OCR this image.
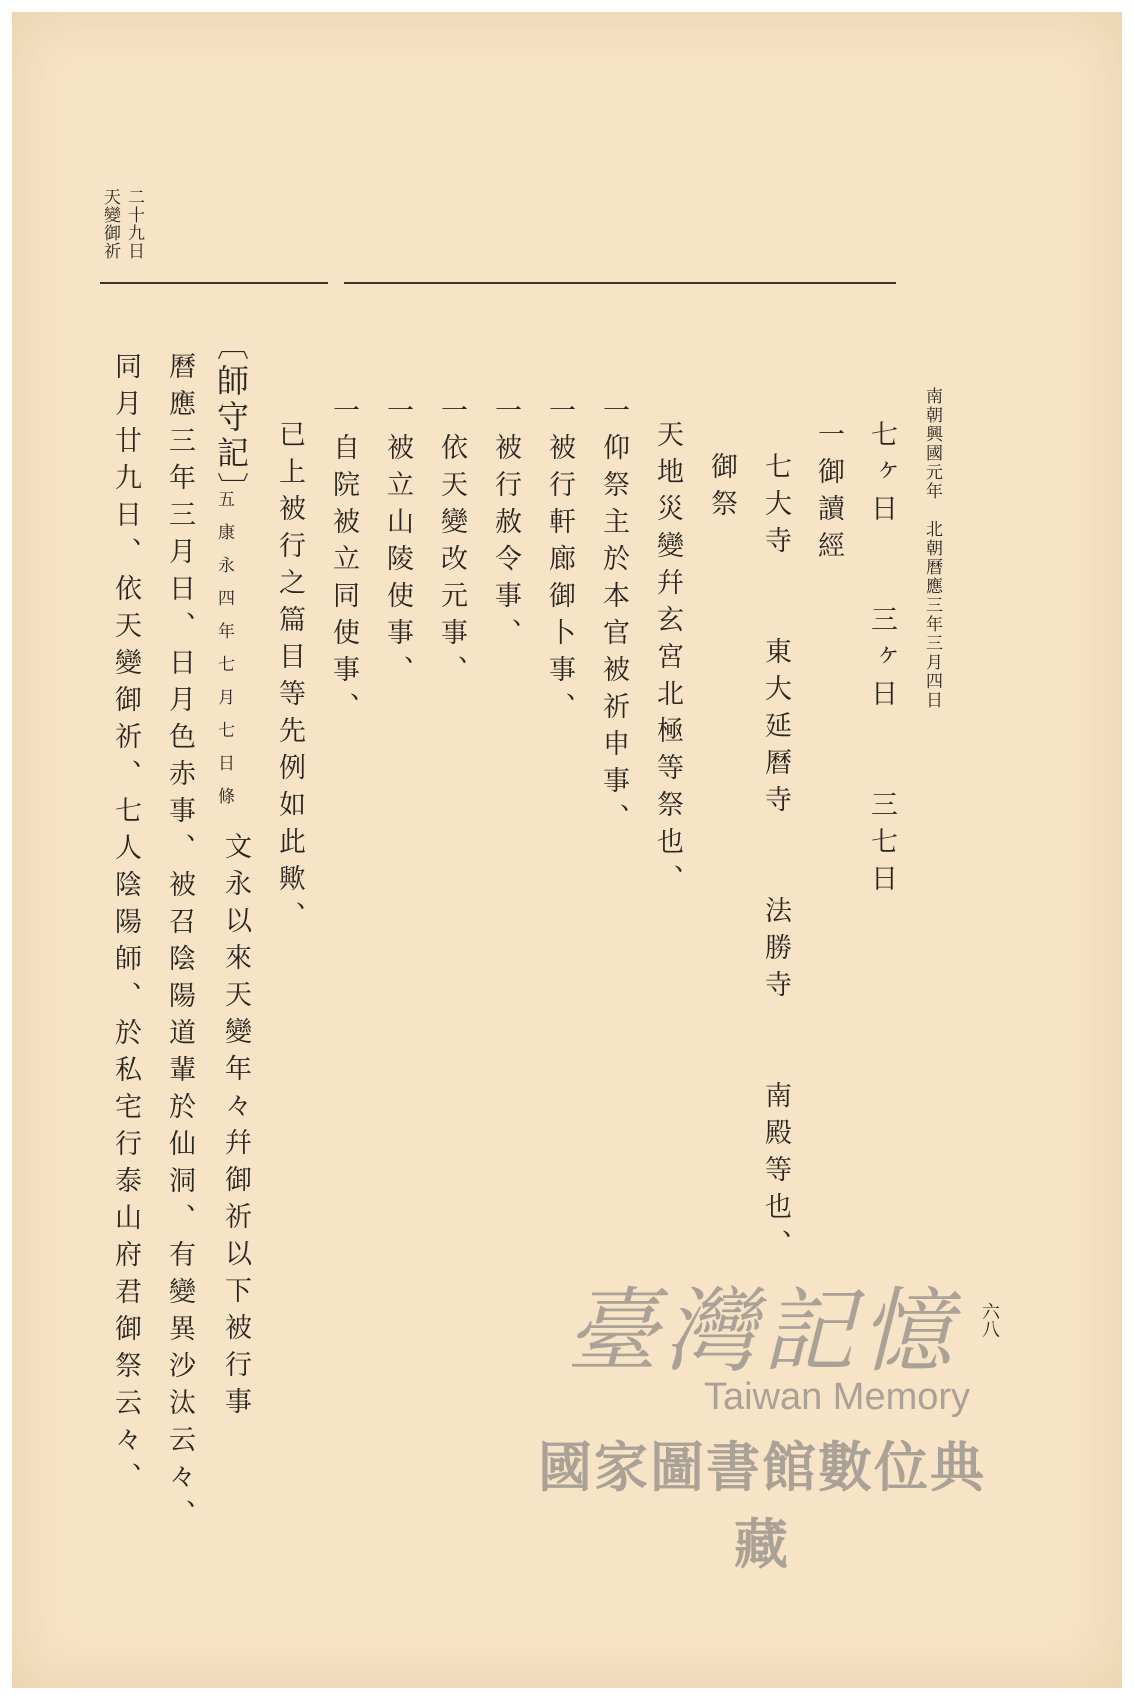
南朝興國元年　北朝曆應三年三月四日

二十九日

天變御祈

七ヶ日　　三ヶ日　　三七日

一御讀經

七大寺　　東大延曆寺　　法勝寺　　南殿等也、

御祭

天地災變幷玄宮北極等祭也、

一仰祭主於本官被祈申事、

一被行軒廊御卜事、

一被行赦令事、

一依天變改元事、

一被立山陵使事、

一自院被立同使事、

已上被行之篇目等先例如此歟、

〔師守記〕

五康永四年七月七日條

文永以來天變年々幷御祈以下被行事

曆應三年三月日、日月色赤事、被召陰陽道輩於仙洞、有變異沙汰云々、

同月廿九日、依天變御祈、七人陰陽師、於私宅行泰山府君御祭云々、	六八
臺灣記憶
Taiwan Memory
國家圖書館數位典藏
